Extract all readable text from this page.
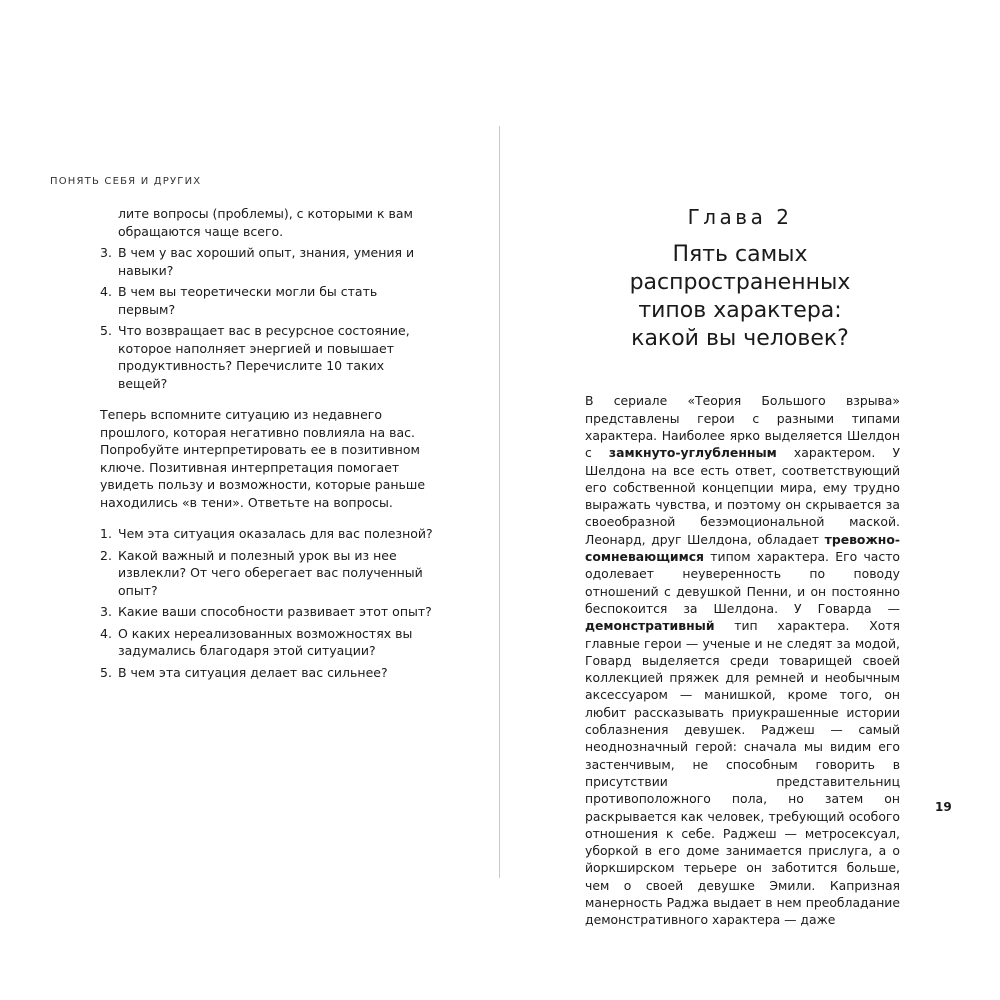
ПОНЯТЬ СЕБЯ И ДРУГИХ
лите вопросы (проблемы), с которыми к вам обращаются чаще всего.
3. В чем у вас хороший опыт, знания, умения и навыки?
4. В чем вы теоретически могли бы стать первым?
5. Что возвращает вас в ресурсное состояние, которое наполняет энергией и повышает продуктивность? Перечислите 10 таких вещей?

Теперь вспомните ситуацию из недавнего прошлого, которая негативно повлияла на вас. Попробуйте интерпретировать ее в позитивном ключе. Позитивная интерпретация помогает увидеть пользу и возможности, которые раньше находились «в тени». Ответьте на вопросы.

1. Чем эта ситуация оказалась для вас полезной?
2. Какой важный и полезный урок вы из нее извлекли? От чего оберегает вас полученный опыт?
3. Какие ваши способности развивает этот опыт?
4. О каких нереализованных возможностях вы задумались благодаря этой ситуации?
5. В чем эта ситуация делает вас сильнее?
Глава 2
Пять самых распространенных
типов характера:
какой вы человек?

В сериале «Теория Большого взрыва» представлены герои с разными типами характера. Наиболее ярко выделяется Шелдон с замкнуто-углубленным характером. У Шелдона на все есть ответ, соответствующий его собственной концепции мира, ему трудно выражать чувства, и поэтому он скрывается за своеобразной безэмоциональной маской. Леонард, друг Шелдона, обладает тревожно-сомневающимся типом характера. Его часто одолевает неуверенность по поводу отношений с девушкой Пенни, и он постоянно беспокоится за Шелдона. У Говарда — демонстративный тип характера. Хотя главные герои — ученые и не следят за модой, Говард выделяется среди товарищей своей коллекцией пряжек для ремней и необычным аксессуаром — манишкой, кроме того, он любит рассказывать приукрашенные истории соблазнения девушек. Раджеш — самый неоднозначный герой: сначала мы видим его застенчивым, не способным говорить в присутствии представительниц противоположного пола, но затем он раскрывается как человек, требующий особого отношения к себе. Раджеш — метросексуал, уборкой в его доме занимается прислуга, а о йоркширском терьере он заботится больше, чем о своей девушке Эмили. Капризная манерность Раджа выдает в нем преобладание демонстративного характера — даже

19
